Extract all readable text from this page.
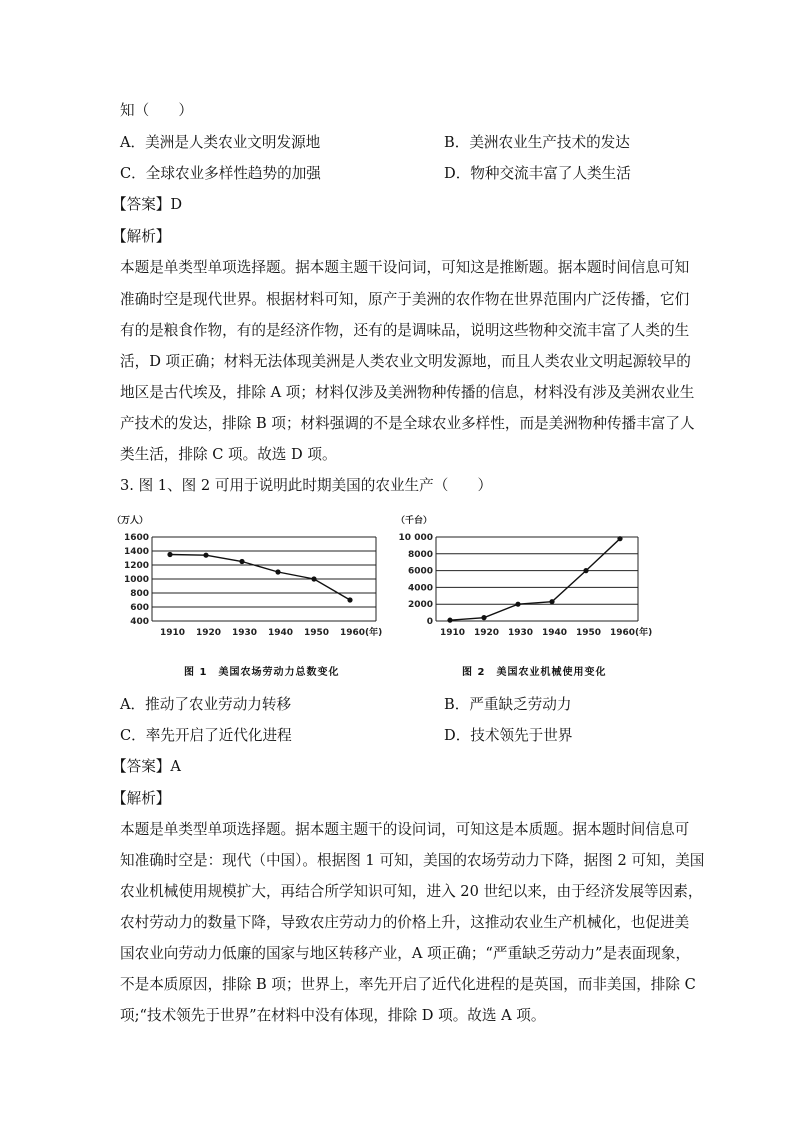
知（　　）
A．美洲是人类农业文明发源地	B．美洲农业生产技术的发达
C．全球农业多样性趋势的加强	D．物种交流丰富了人类生活
【答案】D
【解析】
本题是单类型单项选择题。据本题主题干设问词，可知这是推断题。据本题时间信息可知
准确时空是现代世界。根据材料可知，原产于美洲的农作物在世界范围内广泛传播，它们
有的是粮食作物，有的是经济作物，还有的是调味品，说明这些物种交流丰富了人类的生
活，D 项正确；材料无法体现美洲是人类农业文明发源地，而且人类农业文明起源较早的
地区是古代埃及，排除 A 项；材料仅涉及美洲物种传播的信息，材料没有涉及美洲农业生
产技术的发达，排除 B 项；材料强调的不是全球农业多样性，而是美洲物种传播丰富了人
类生活，排除 C 项。故选 D 项。
3. 图 1、图 2 可用于说明此时期美国的农业生产（　　）
（万人）
400
600
800
1000
1200
1400
1600
1910 1920 1930 1940 1950 1960(年)
（千台）
0
2000
4000
6000
8000
10 000
1910 1920 1930 1940 1950 1960(年)
图 1　美国农场劳动力总数变化	图 2　美国农业机械使用变化
A．推动了农业劳动力转移	B．严重缺乏劳动力
C．率先开启了近代化进程	D．技术领先于世界
【答案】A
【解析】
本题是单类型单项选择题。据本题主题干的设问词，可知这是本质题。据本题时间信息可
知准确时空是：现代（中国）。根据图 1 可知，美国的农场劳动力下降，据图 2 可知，美国
农业机械使用规模扩大，再结合所学知识可知，进入 20 世纪以来，由于经济发展等因素，
农村劳动力的数量下降，导致农庄劳动力的价格上升，这推动农业生产机械化，也促进美
国农业向劳动力低廉的国家与地区转移产业，A 项正确；“严重缺乏劳动力”是表面现象，
不是本质原因，排除 B 项；世界上，率先开启了近代化进程的是英国，而非美国，排除 C
项;“技术领先于世界”在材料中没有体现，排除 D 项。故选 A 项。
